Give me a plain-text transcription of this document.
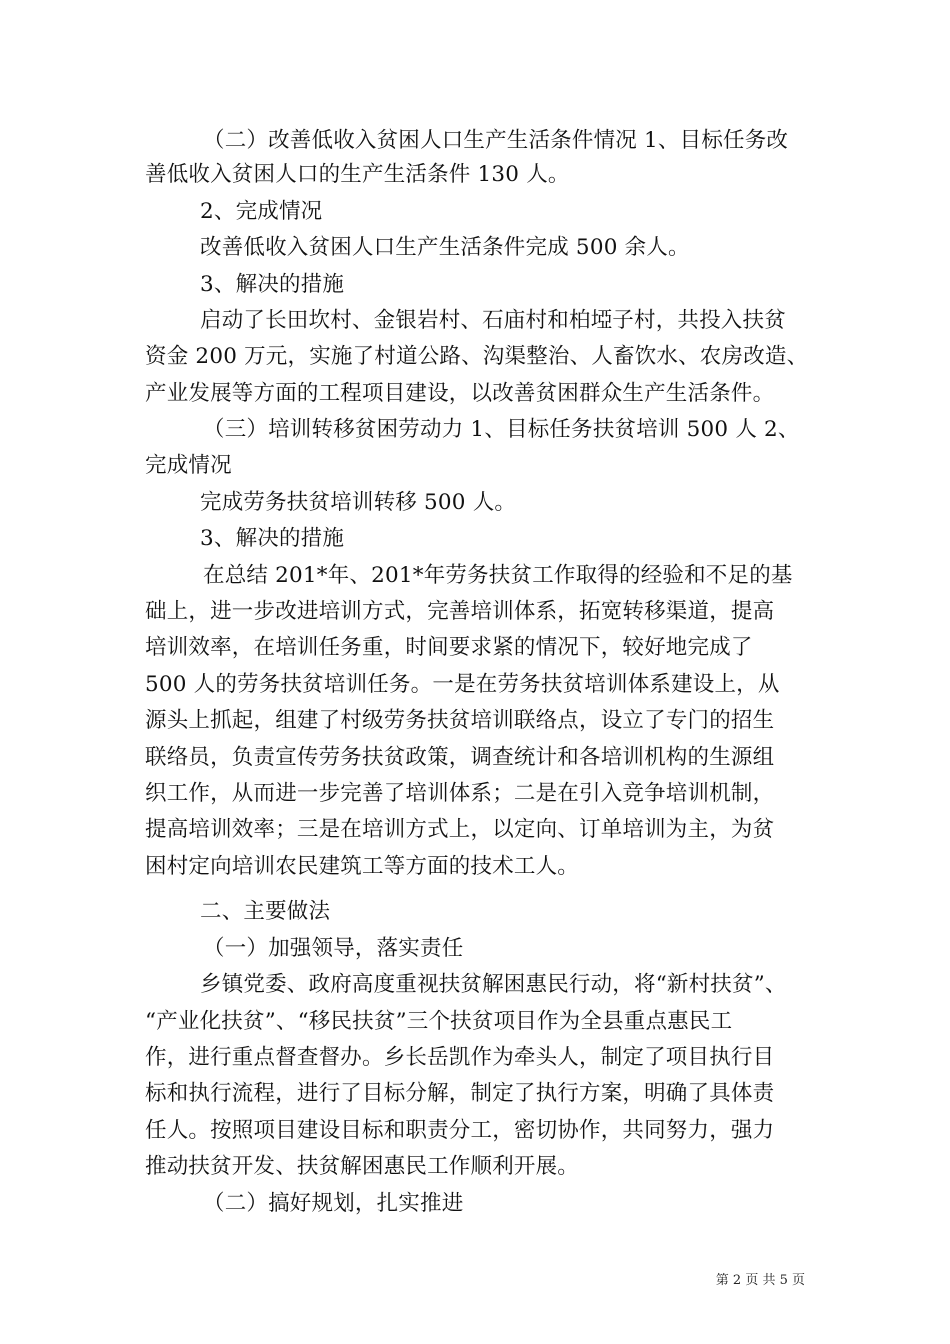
（二）改善低收入贫困人口生产生活条件情况 1、目标任务改
善低收入贫困人口的生产生活条件 130 人。
2、完成情况
改善低收入贫困人口生产生活条件完成 500 余人。
3、解决的措施
启动了长田坎村、金银岩村、石庙村和柏埡子村，共投入扶贫
资金 200 万元，实施了村道公路、沟渠整治、人畜饮水、农房改造、
产业发展等方面的工程项目建设，以改善贫困群众生产生活条件。
（三）培训转移贫困劳动力 1、目标任务扶贫培训 500 人 2、
完成情况
完成劳务扶贫培训转移 500 人。
3、解决的措施
在总结 201*年、201*年劳务扶贫工作取得的经验和不足的基
础上，进一步改进培训方式，完善培训体系，拓宽转移渠道，提高
培训效率，在培训任务重，时间要求紧的情况下，较好地完成了
500 人的劳务扶贫培训任务。一是在劳务扶贫培训体系建设上，从
源头上抓起，组建了村级劳务扶贫培训联络点，设立了专门的招生
联络员，负责宣传劳务扶贫政策，调查统计和各培训机构的生源组
织工作，从而进一步完善了培训体系；二是在引入竞争培训机制，
提高培训效率；三是在培训方式上，以定向、订单培训为主，为贫
困村定向培训农民建筑工等方面的技术工人。
二、主要做法
（一）加强领导，落实责任
乡镇党委、政府高度重视扶贫解困惠民行动，将“新村扶贫”、
“产业化扶贫”、“移民扶贫”三个扶贫项目作为全县重点惠民工
作，进行重点督查督办。乡长岳凯作为牵头人，制定了项目执行目
标和执行流程，进行了目标分解，制定了执行方案，明确了具体责
任人。按照项目建设目标和职责分工，密切协作，共同努力，强力
推动扶贫开发、扶贫解困惠民工作顺利开展。
（二）搞好规划，扎实推进
第 2 页 共 5 页
